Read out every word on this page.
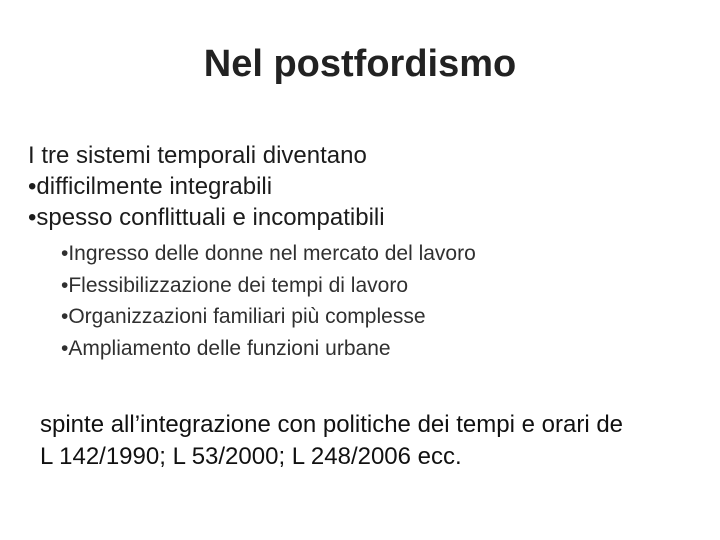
Nel postfordismo
I tre sistemi temporali diventano
•difficilmente integrabili
•spesso conflittuali e incompatibili
•Ingresso delle donne nel mercato del lavoro
•Flessibilizzazione dei tempi di lavoro
•Organizzazioni familiari più complesse
•Ampliamento delle funzioni urbane
spinte all’integrazione con politiche dei tempi e orari de
L 142/1990; L 53/2000; L 248/2006 ecc.
